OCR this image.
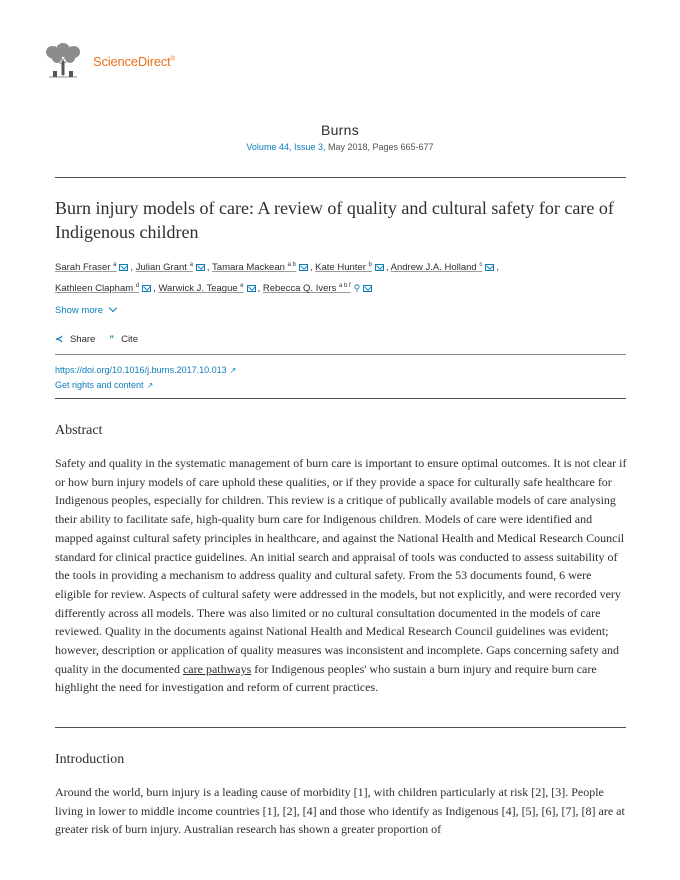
ScienceDirect®
Burns
Volume 44, Issue 3, May 2018, Pages 665-677
Burn injury models of care: A review of quality and cultural safety for care of Indigenous children
Sarah Fraser $^a$ , Julian Grant $^a$ , Tamara Mackean $^{a b}$ , Kate Hunter $^b$ , Andrew J.A. Holland $^c$ ,
Kathleen Clapham $^d$ , Warwick J. Teague $^e$ , Rebecca Q. Ivers $^{a b f}$ ⚲
Show more
≺ Share ” Cite
https://doi.org/10.1016/j.burns.2017.10.013 ↗
Get rights and content ↗
Abstract

Safety and quality in the systematic management of burn care is important to ensure optimal outcomes. It is not clear if or how burn injury models of care uphold these qualities, or if they provide a space for culturally safe healthcare for Indigenous peoples, especially for children. This review is a critique of publically available models of care analysing their ability to facilitate safe, high-quality burn care for Indigenous children. Models of care were identified and mapped against cultural safety principles in healthcare, and against the National Health and Medical Research Council standard for clinical practice guidelines. An initial search and appraisal of tools was conducted to assess suitability of the tools in providing a mechanism to address quality and cultural safety. From the 53 documents found, 6 were eligible for review. Aspects of cultural safety were addressed in the models, but not explicitly, and were recorded very differently across all models. There was also limited or no cultural consultation documented in the models of care reviewed. Quality in the documents against National Health and Medical Research Council guidelines was evident; however, description or application of quality measures was inconsistent and incomplete. Gaps concerning safety and quality in the documented care pathways for Indigenous peoples' who sustain a burn injury and require burn care highlight the need for investigation and reform of current practices.

Introduction

Around the world, burn injury is a leading cause of morbidity [1], with children particularly at risk [2], [3]. People living in lower to middle income countries [1], [2], [4] and those who identify as Indigenous [4], [5], [6], [7], [8] are at greater risk of burn injury. Australian research has shown a greater proportion of
